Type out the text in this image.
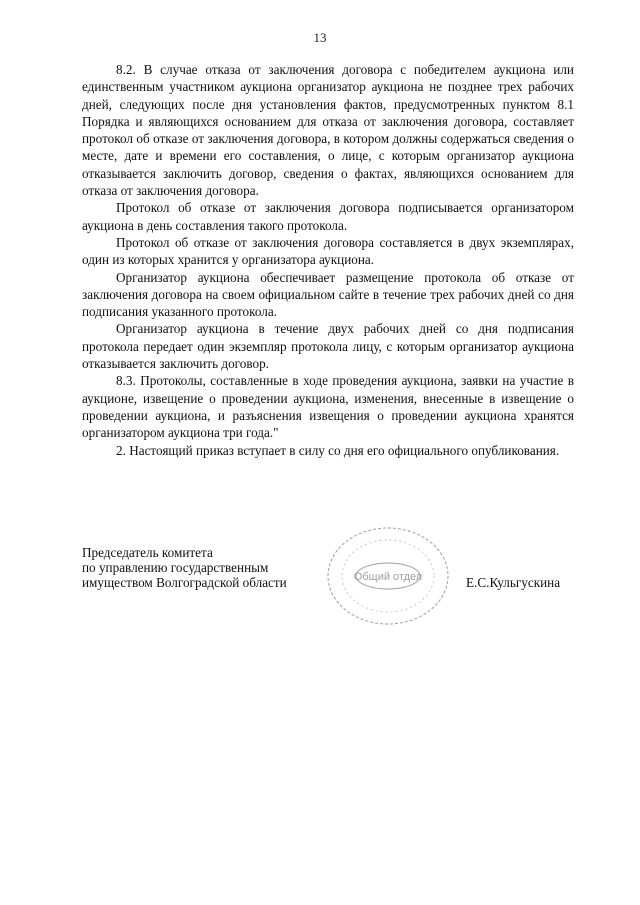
13

8.2. В случае отказа от заключения договора с победителем аукциона или единственным участником аукциона организатор аукциона не позднее трех рабочих дней, следующих после дня установления фактов, предусмотренных пунктом 8.1 Порядка и являющихся основанием для отказа от заключения договора, составляет протокол об отказе от заключения договора, в котором должны содержаться сведения о месте, дате и времени его составления, о лице, с которым организатор аукциона отказывается заключить договор, сведения о фактах, являющихся основанием для отказа от заключения договора.

Протокол об отказе от заключения договора подписывается организатором аукциона в день составления такого протокола.

Протокол об отказе от заключения договора составляется в двух экземплярах, один из которых хранится у организатора аукциона.

Организатор аукциона обеспечивает размещение протокола об отказе от заключения договора на своем официальном сайте в течение трех рабочих дней со дня подписания указанного протокола.

Организатор аукциона в течение двух рабочих дней со дня подписания протокола передает один экземпляр протокола лицу, с которым организатор аукциона отказывается заключить договор.

8.3. Протоколы, составленные в ходе проведения аукциона, заявки на участие в аукционе, извещение о проведении аукциона, изменения, внесенные в извещение о проведении аукциона, и разъяснения извещения о проведении аукциона хранятся организатором аукциона три года."

2. Настоящий приказ вступает в силу со дня его официального опубликования.

Председатель комитета
по управлению государственным
имуществом Волгоградской области	Общий отдел	Е.С.Кульгускина
